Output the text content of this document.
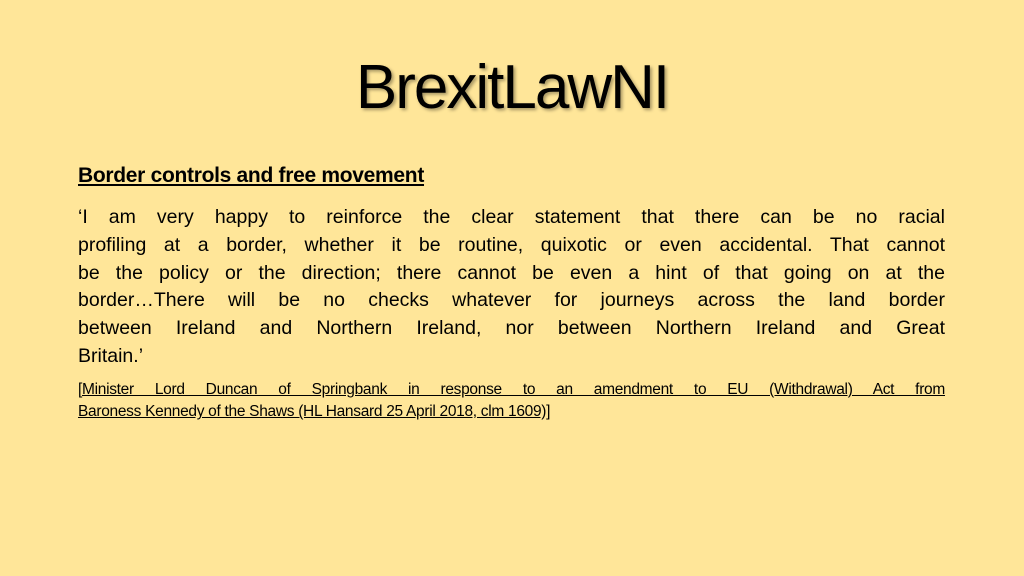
BrexitLawNI
Border controls and free movement
‘I am very happy to reinforce the clear statement that there can be no racial
profiling at a border, whether it be routine, quixotic or even accidental. That cannot
be the policy or the direction; there cannot be even a hint of that going on at the
border…There will be no checks whatever for journeys across the land border
between Ireland and Northern Ireland, nor between Northern Ireland and Great
Britain.’
[Minister Lord Duncan of Springbank in response to an amendment to EU (Withdrawal) Act from
Baroness Kennedy of the Shaws (HL Hansard 25 April 2018, clm 1609)]
